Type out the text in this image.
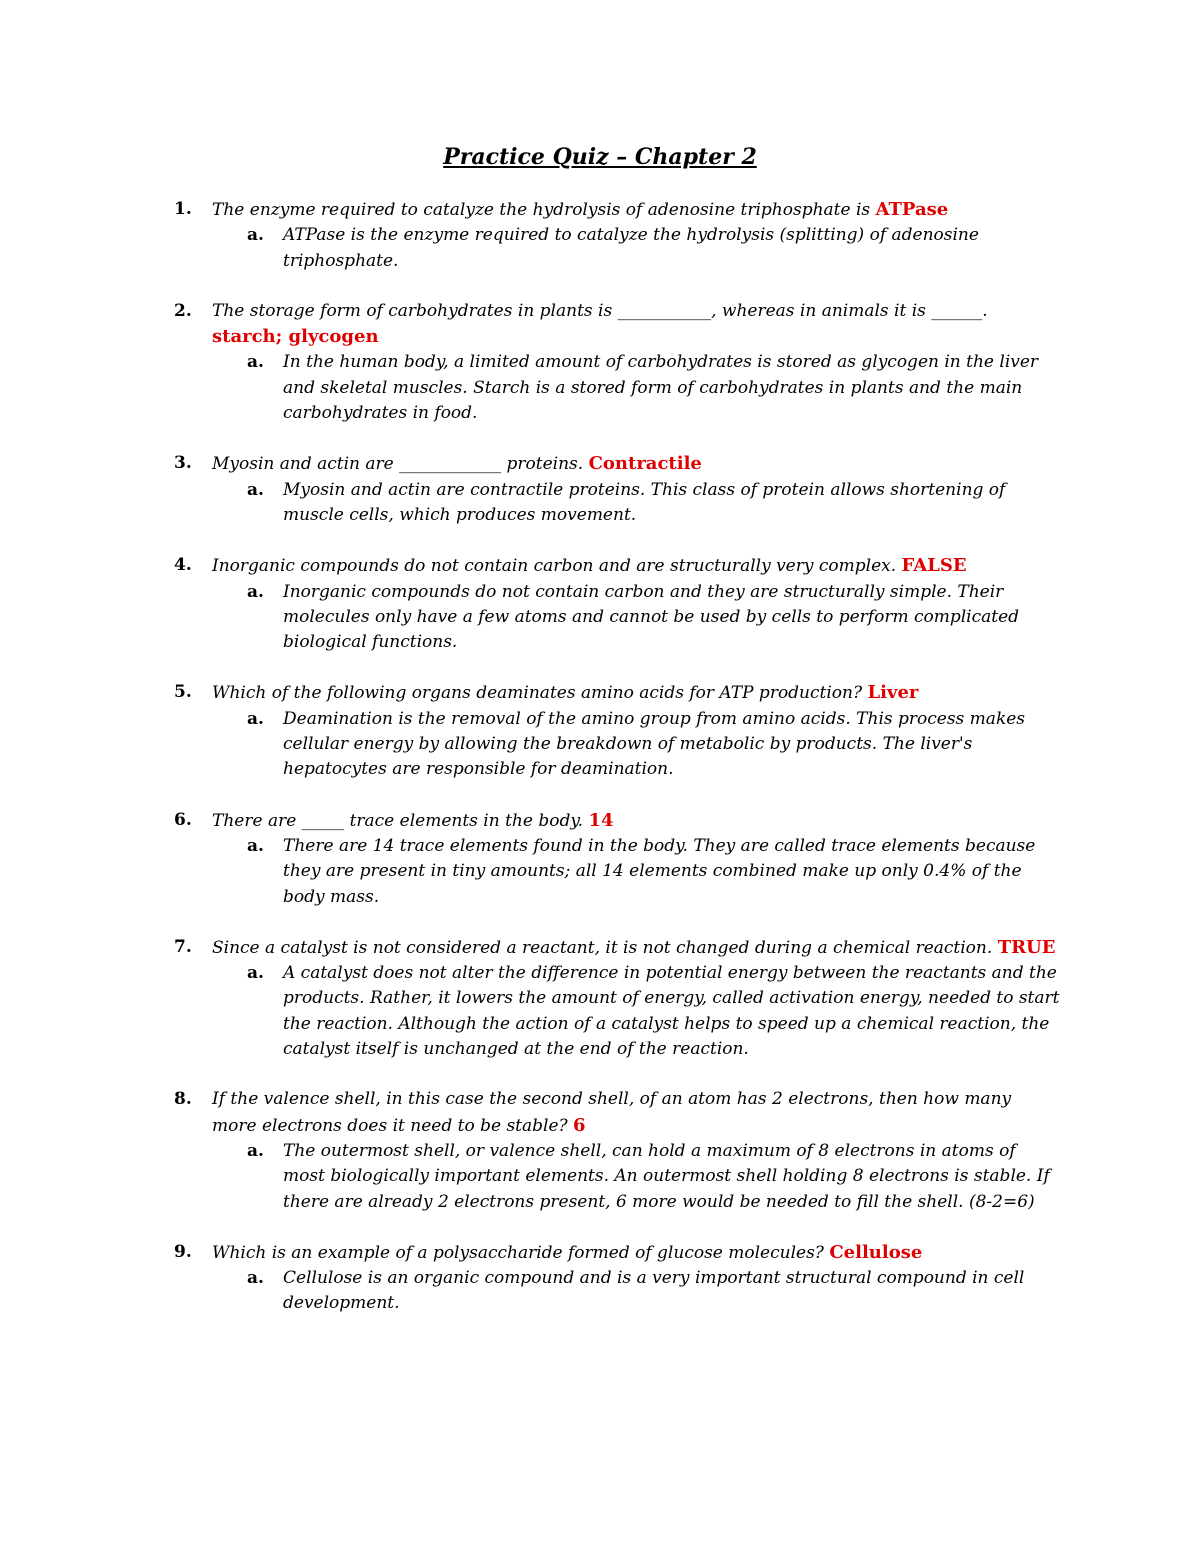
Practice Quiz – Chapter 2
1. The enzyme required to catalyze the hydrolysis of adenosine triphosphate is ATPase
a. ATPase is the enzyme required to catalyze the hydrolysis (splitting) of adenosine triphosphate.
2. The storage form of carbohydrates in plants is ___________, whereas in animals it is ______. starch; glycogen
a. In the human body, a limited amount of carbohydrates is stored as glycogen in the liver and skeletal muscles. Starch is a stored form of carbohydrates in plants and the main carbohydrates in food.
3. Myosin and actin are ____________ proteins. Contractile
a. Myosin and actin are contractile proteins. This class of protein allows shortening of muscle cells, which produces movement.
4. Inorganic compounds do not contain carbon and are structurally very complex. FALSE
a. Inorganic compounds do not contain carbon and they are structurally simple. Their molecules only have a few atoms and cannot be used by cells to perform complicated biological functions.
5. Which of the following organs deaminates amino acids for ATP production? Liver
a. Deamination is the removal of the amino group from amino acids. This process makes cellular energy by allowing the breakdown of metabolic by products. The liver's hepatocytes are responsible for deamination.
6. There are _____ trace elements in the body. 14
a. There are 14 trace elements found in the body. They are called trace elements because they are present in tiny amounts; all 14 elements combined make up only 0.4% of the body mass.
7. Since a catalyst is not considered a reactant, it is not changed during a chemical reaction. TRUE
a. A catalyst does not alter the difference in potential energy between the reactants and the products. Rather, it lowers the amount of energy, called activation energy, needed to start the reaction. Although the action of a catalyst helps to speed up a chemical reaction, the catalyst itself is unchanged at the end of the reaction.
8. If the valence shell, in this case the second shell, of an atom has 2 electrons, then how many more electrons does it need to be stable? 6
a. The outermost shell, or valence shell, can hold a maximum of 8 electrons in atoms of most biologically important elements. An outermost shell holding 8 electrons is stable. If there are already 2 electrons present, 6 more would be needed to fill the shell. (8-2=6)
9. Which is an example of a polysaccharide formed of glucose molecules? Cellulose
a. Cellulose is an organic compound and is a very important structural compound in cell development.
